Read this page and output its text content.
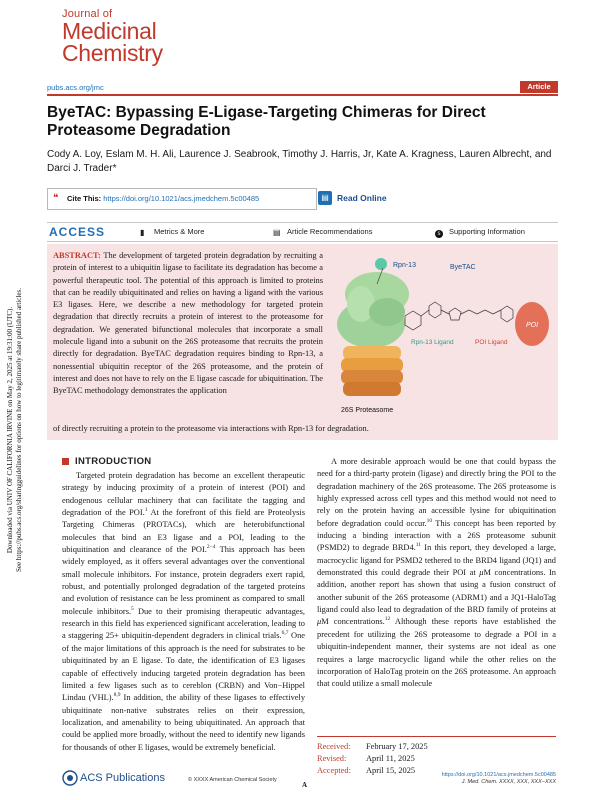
Journal of
Medicinal
Chemistry
pubs.acs.org/jmc	Article
ByeTAC: Bypassing E-Ligase-Targeting Chimeras for Direct Proteasome Degradation
Cody A. Loy, Eslam M. H. Ali, Laurence J. Seabrook, Timothy J. Harris, Jr, Kate A. Kragness, Lauren Albrecht, and Darci J. Trader*
❝ Cite This: https://doi.org/10.1021/acs.jmedchem.5c00485	▤ Read Online
ACCESS	▮ Metrics & More	▤ Article Recommendations	s Supporting Information
ABSTRACT: The development of targeted protein degradation by recruiting a protein of interest to a ubiquitin ligase to facilitate its degradation has become a powerful therapeutic tool. The potential of this approach is limited to proteins that can be readily ubiquitinated and relies on having a ligand with the various E3 ligases. Here, we describe a new methodology for targeted protein degradation that directly recruits a protein of interest to the proteasome for degradation. We generated bifunctional molecules that incorporate a small molecule ligand into a subunit on the 26S proteasome that recruits the protein directly for degradation. ByeTAC degradation requires binding to Rpn-13, a nonessential ubiquitin receptor of the 26S proteasome, and the protein of interest and does not have to rely on the E ligase cascade for ubiquitination. The ByeTAC methodology demonstrates the application
of directly recruiting a protein to the proteasome via interactions with Rpn-13 for degradation.
Rpn-13	ByeTAC
POI
Rpn-13 Ligand	POI Ligand
26S Proteasome
Downloaded via UNIV OF CALIFORNIA IRVINE on May 2, 2025 at 19:31:00 (UTC). See https://pubs.acs.org/sharingguidelines for options on how to legitimately share published articles.	INTRODUCTION

Targeted protein degradation has become an excellent therapeutic strategy by inducing proximity of a protein of interest (POI) and endogenous cellular machinery that can facilitate the tagging and degradation of the POI.$^1$ At the forefront of this field are Proteolysis Targeting Chimeras (PROTACs), which are heterobifunctional molecules that bind an E3 ligase and a POI, leading to the ubiquitination and clearance of the POI.$^{2-4}$ This approach has been widely employed, as it offers several advantages over the conventional small molecule inhibitors. For instance, protein degraders exert rapid, robust, and potentially prolonged degradation of the targeted proteins and evolution of resistance can be less prominent as compared to small molecule inhibitors.$^5$ Due to their promising therapeutic advantages, research in this field has experienced significant acceleration, leading to a staggering 25+ ubiquitin-dependent degraders in clinical trials.$^{6,7}$ One of the major limitations of this approach is the need for substrates to be ubiquitinated by an E ligase. To date, the identification of E3 ligases capable of effectively inducing targeted protein degradation has been limited a few ligases such as to cereblon (CRBN) and Von−Hippel Lindau (VHL).$^{8,9}$ In addition, the ability of these ligases to effectively ubiquitinate non-native substrates relies on their expression, localization, and amenability to being ubiquitinated. An approach that could be applied more broadly, without the need to identify new ligands for thousands of other E ligases, would be extremely beneficial.

A more desirable approach would be one that could bypass the need for a third-party protein (ligase) and directly bring the POI to the degradation machinery of the 26S proteasome. The 26S proteasome is highly expressed across cell types and this method would not need to rely on the protein having an accessible lysine for ubiquitination before degradation could occur.$^{10}$ This concept has been reported by inducing a binding interaction with a 26S proteasome subunit (PSMD2) to degrade BRD4.11 In this report, they developed a large, macrocyclic ligand for PSMD2 tethered to the BRD4 ligand (JQ1) and demonstrated this could degrade their POI at μM concentrations. In addition, another report has shown that using a fusion construct of another subunit of the 26S proteasome (ADRM1) and a JQ1-HaloTag ligand could also lead to degradation of the BRD family of proteins at μM concentrations.$^{12}$ Although these reports have established the precedent for utilizing the 26S proteasome to degrade a POI in a ubiquitin-independent manner, their systems are not ideal as one requires a large macrocyclic ligand while the other relies on the incorporation of HaloTag protein on the 26S proteasome. An approach that could utilize a small molecule

Received: February 17, 2025
Revised: April 11, 2025
Accepted: April 15, 2025
ACS Publications	© XXXX American Chemical Society
A
https://doi.org/10.1021/acs.jmedchem.5c00485
J. Med. Chem. XXXX, XXX, XXX−XXX
